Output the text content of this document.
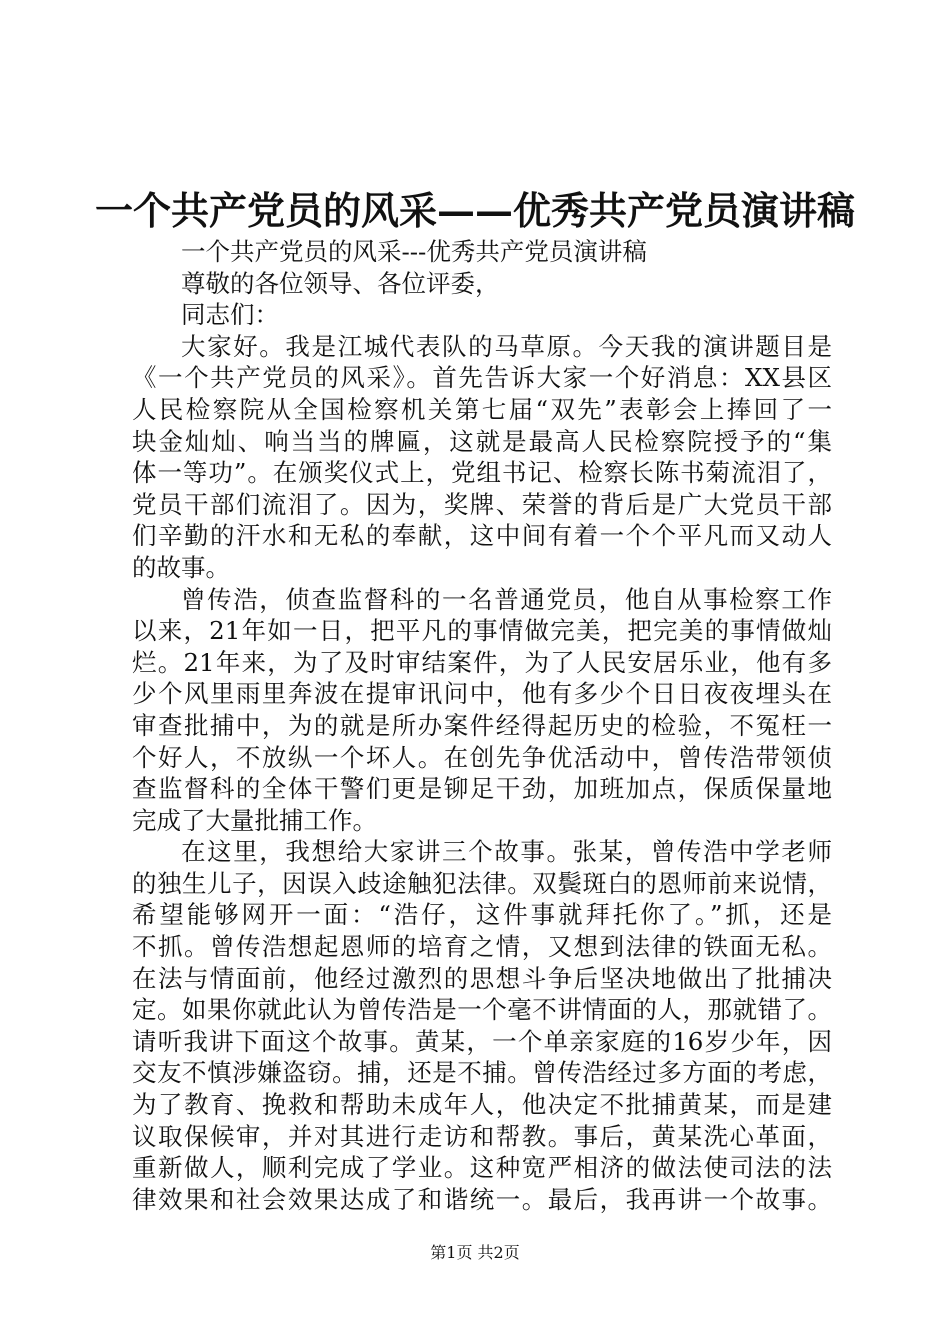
一个共产党员的风采——优秀共产党员演讲稿
一个共产党员的风采---优秀共产党员演讲稿
尊敬的各位领导、各位评委，
同志们：
大家好。我是江城代表队的马草原。今天我的演讲题目是
《一个共产党员的风采》。首先告诉大家一个好消息：XX县区
人民检察院从全国检察机关第七届“双先”表彰会上捧回了一
块金灿灿、响当当的牌匾，这就是最高人民检察院授予的“集
体一等功”。在颁奖仪式上，党组书记、检察长陈书菊流泪了，
党员干部们流泪了。因为，奖牌、荣誉的背后是广大党员干部
们辛勤的汗水和无私的奉献，这中间有着一个个平凡而又动人
的故事。
曾传浩，侦查监督科的一名普通党员，他自从事检察工作
以来，21年如一日，把平凡的事情做完美，把完美的事情做灿
烂。21年来，为了及时审结案件，为了人民安居乐业，他有多
少个风里雨里奔波在提审讯问中，他有多少个日日夜夜埋头在
审查批捕中，为的就是所办案件经得起历史的检验，不冤枉一
个好人，不放纵一个坏人。在创先争优活动中，曾传浩带领侦
查监督科的全体干警们更是铆足干劲，加班加点，保质保量地
完成了大量批捕工作。
在这里，我想给大家讲三个故事。张某，曾传浩中学老师
的独生儿子，因误入歧途触犯法律。双鬓斑白的恩师前来说情，
希望能够网开一面：“浩仔，这件事就拜托你了。”抓，还是
不抓。曾传浩想起恩师的培育之情，又想到法律的铁面无私。
在法与情面前，他经过激烈的思想斗争后坚决地做出了批捕决
定。如果你就此认为曾传浩是一个毫不讲情面的人，那就错了。
请听我讲下面这个故事。黄某，一个单亲家庭的16岁少年，因
交友不慎涉嫌盗窃。捕，还是不捕。曾传浩经过多方面的考虑，
为了教育、挽救和帮助未成年人，他决定不批捕黄某，而是建
议取保候审，并对其进行走访和帮教。事后，黄某洗心革面，
重新做人，顺利完成了学业。这种宽严相济的做法使司法的法
律效果和社会效果达成了和谐统一。最后，我再讲一个故事。
第1页 共2页
